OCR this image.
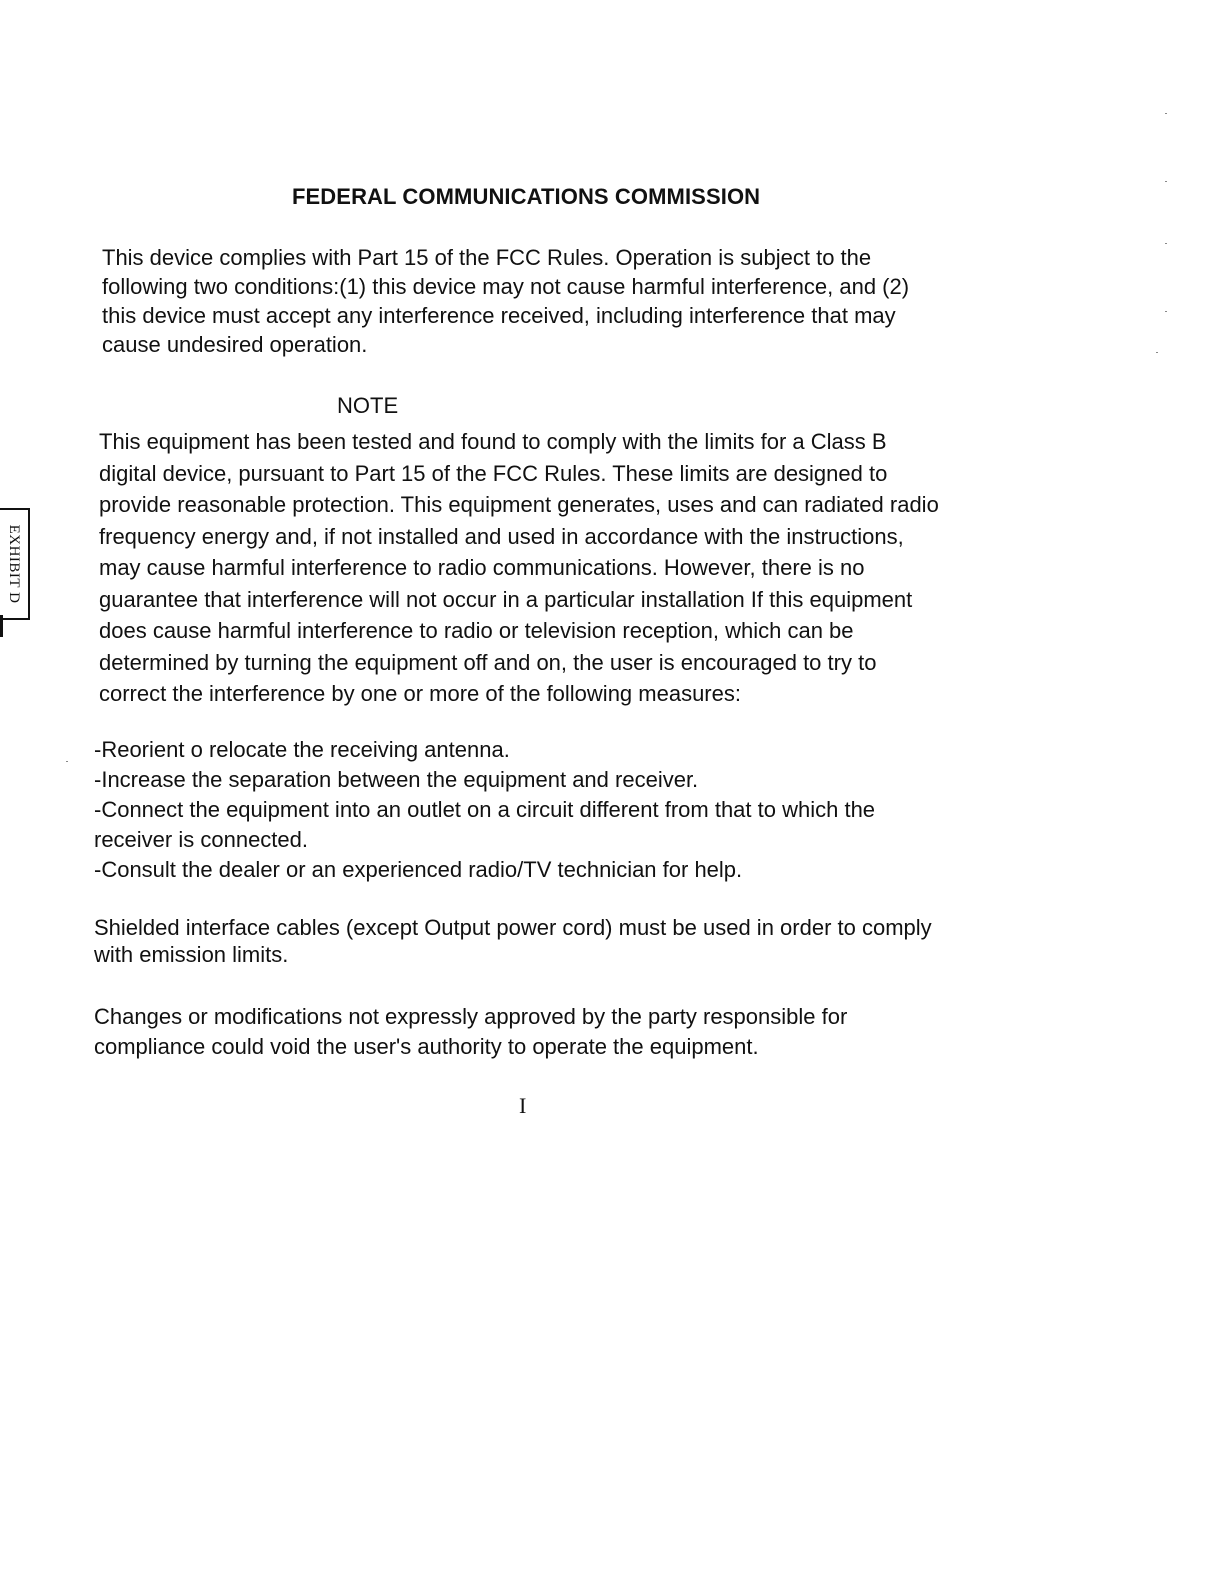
EXHIBIT D
FEDERAL COMMUNICATIONS COMMISSION
This device complies with Part 15 of the FCC Rules. Operation is subject to the
following two conditions:(1) this device may not cause harmful interference, and (2)
this device must accept any interference received, including interference that may
cause undesired operation.
NOTE
This equipment has been tested and found to comply with the limits for a Class B
digital device, pursuant to Part 15 of the FCC Rules. These limits are designed to
provide reasonable protection. This equipment generates, uses and can radiated radio
frequency energy and, if not installed and used in accordance with the instructions,
may cause harmful interference to radio communications. However, there is no
guarantee that interference will not occur in a particular installation If this equipment
does cause harmful interference to radio or television reception, which can be
determined by turning the equipment off and on, the user is encouraged to try to
correct the interference by one or more of the following measures:
-Reorient o relocate the receiving antenna.
-Increase the separation between the equipment and receiver.
-Connect the equipment into an outlet on a circuit different from that to which the
receiver is connected.
-Consult the dealer or an experienced radio/TV technician for help.
Shielded interface cables (except Output power cord) must be used in order to comply
with emission limits.
Changes or modifications not expressly approved by the party responsible for
compliance could void the user's authority to operate the equipment.
I
